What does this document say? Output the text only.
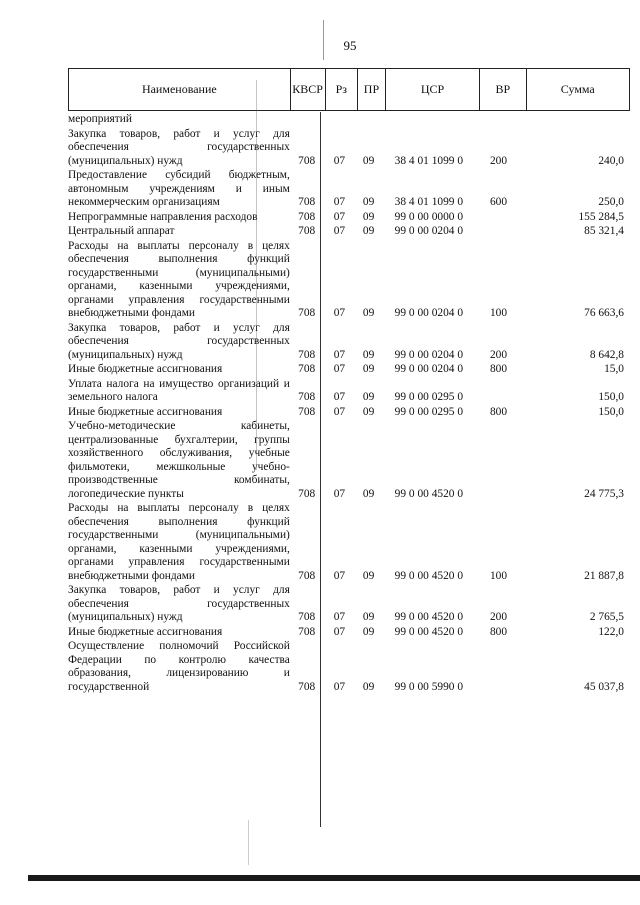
95
Наименование	КВСР	Рз	ПР	ЦСР	ВР	Сумма
мероприятий						
Закупка товаров, работ и услуг для обеспечения государственных (муниципальных) нужд	708	07	09	38 4 01 1099 0	200	240,0
Предоставление субсидий бюджетным, автономным учреждениям и иным некоммерческим организациям	708	07	09	38 4 01 1099 0	600	250,0
Непрограммные направления расходов	708	07	09	99 0 00 0000 0		155 284,5
Центральный аппарат	708	07	09	99 0 00 0204 0		85 321,4
Расходы на выплаты персоналу в целях обеспечения выполнения функций государственными (муниципальными) органами, казенными учреждениями, органами управления государственными внебюджетными фондами	708	07	09	99 0 00 0204 0	100	76 663,6
Закупка товаров, работ и услуг для обеспечения государственных (муниципальных) нужд	708	07	09	99 0 00 0204 0	200	8 642,8
Иные бюджетные ассигнования	708	07	09	99 0 00 0204 0	800	15,0
Уплата налога на имущество организаций и земельного налога	708	07	09	99 0 00 0295 0		150,0
Иные бюджетные ассигнования	708	07	09	99 0 00 0295 0	800	150,0
Учебно-методические кабинеты, централизованные бухгалтерии, группы хозяйственного обслуживания, учебные фильмотеки, межшкольные учебно-производственные комбинаты, логопедические пункты	708	07	09	99 0 00 4520 0		24 775,3
Расходы на выплаты персоналу в целях обеспечения выполнения функций государственными (муниципальными) органами, казенными учреждениями, органами управления государственными внебюджетными фондами	708	07	09	99 0 00 4520 0	100	21 887,8
Закупка товаров, работ и услуг для обеспечения государственных (муниципальных) нужд	708	07	09	99 0 00 4520 0	200	2 765,5
Иные бюджетные ассигнования	708	07	09	99 0 00 4520 0	800	122,0
Осуществление полномочий Российской Федерации по контролю качества образования, лицензированию и государственной	708	07	09	99 0 00 5990 0		45 037,8
